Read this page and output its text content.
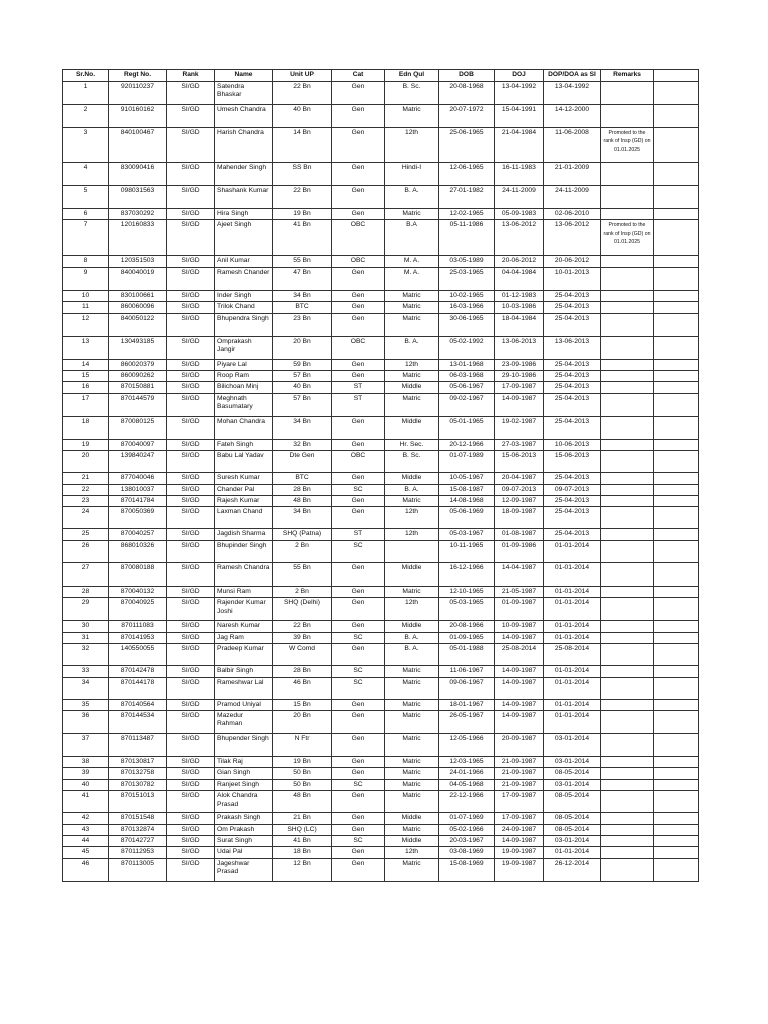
Sr.No.	Regt No.	Rank	Name	Unit UP	Cat	Edn Qul	DOB	DOJ	DOP/DOA as SI	Remarks	
1	920110237	SI/GD	Satendra Bhaskar	22 Bn	Gen	B. Sc.	20-08-1968	13-04-1992	13-04-1992		
2	910160162	SI/GD	Umesh Chandra	40 Bn	Gen	Matric	20-07-1972	15-04-1991	14-12-2000		
3	840100467	SI/GD	Harish Chandra	14 Bn	Gen	12th	25-06-1965	21-04-1984	11-06-2008	Promoted to the rank of Insp (GD) on 01.01.2025	
4	830090416	SI/GD	Mahender Singh	SS Bn	Gen	Hindi-I	12-06-1965	16-11-1983	21-01-2009		
5	098031563	SI/GD	Shashank Kumar	22 Bn	Gen	B. A.	27-01-1982	24-11-2009	24-11-2009		
6	837030292	SI/GD	Hira Singh	19 Bn	Gen	Matric	12-02-1965	05-09-1983	02-06-2010		
7	120160833	SI/GD	Ajeet Singh	41 Bn	OBC	B.A	05-11-1986	13-06-2012	13-06-2012	Promoted to the rank of Insp (GD) on 01.01.2025	
8	120351503	SI/GD	Anil Kumar	55 Bn	OBC	M. A.	03-05-1989	20-06-2012	20-06-2012		
9	840040019	SI/GD	Ramesh Chander	47 Bn	Gen	M. A.	25-03-1965	04-04-1984	10-01-2013		
10	830100661	SI/GD	Inder Singh	34 Bn	Gen	Matric	10-02-1965	01-12-1983	25-04-2013		
11	860060096	SI/GD	Trilok Chand	BTC	Gen	Matric	16-03-1966	10-03-1986	25-04-2013		
12	840050122	SI/GD	Bhupendra Singh	23 Bn	Gen	Matric	30-06-1965	18-04-1984	25-04-2013		
13	130493185	SI/GD	Omprakash Jangir	20 Bn	OBC	B. A.	05-02-1992	13-06-2013	13-06-2013		
14	860020379	SI/GD	Piyare Lal	59 Bn	Gen	12th	13-01-1968	23-09-1986	25-04-2013		
15	860090262	SI/GD	Roop Ram	57 Bn	Gen	Matric	06-03-1968	29-10-1986	25-04-2013		
16	870150881	SI/GD	Bilichoan Minj	40 Bn	ST	Middle	05-06-1967	17-09-1987	25-04-2013		
17	870144579	SI/GD	Meghnath Basumatary	57 Bn	ST	Matric	09-02-1967	14-09-1987	25-04-2013		
18	870080125	SI/GD	Mohan Chandra	34 Bn	Gen	Middle	05-01-1965	19-02-1987	25-04-2013		
19	870040097	SI/GD	Fateh Singh	32 Bn	Gen	Hr. Sec.	20-12-1966	27-03-1987	10-06-2013		
20	139840247	SI/GD	Babu Lal Yadav	Dte Gen	OBC	B. Sc.	01-07-1989	15-06-2013	15-06-2013		
21	877040046	SI/GD	Suresh Kumar	BTC	Gen	Middle	10-05-1967	20-04-1987	25-04-2013		
22	138010037	SI/GD	Chander Pal	28 Bn	SC	B. A.	15-08-1987	09-07-2013	09-07-2013		
23	870141784	SI/GD	Rajesh Kumar	48 Bn	Gen	Matric	14-08-1968	12-09-1987	25-04-2013		
24	870050369	SI/GD	Laxman Chand	34 Bn	Gen	12th	05-06-1969	18-09-1987	25-04-2013		
25	870040257	SI/GD	Jagdish Sharma	SHQ (Patna)	ST	12th	05-03-1967	01-08-1987	25-04-2013		
26	868010326	SI/GD	Bhupinder Singh	2 Bn	SC		10-11-1965	01-09-1986	01-01-2014		
27	870080188	SI/GD	Ramesh Chandra	55 Bn	Gen	Middle	16-12-1966	14-04-1987	01-01-2014		
28	870040132	SI/GD	Munsi Ram	2 Bn	Gen	Matric	12-10-1965	21-05-1987	01-01-2014		
29	870040925	SI/GD	Rajender Kumar Joshi	SHQ (Delhi)	Gen	12th	05-03-1965	01-09-1987	01-01-2014		
30	870111083	SI/GD	Naresh Kumar	22 Bn	Gen	Middle	20-08-1966	10-09-1987	01-01-2014		
31	870141953	SI/GD	Jag Ram	39 Bn	SC	B. A.	01-09-1965	14-09-1987	01-01-2014		
32	140550055	SI/GD	Pradeep Kumar	W Comd	Gen	B. A.	05-01-1988	25-08-2014	25-08-2014		
33	870142478	SI/GD	Balbir Singh	28 Bn	SC	Matric	11-06-1967	14-09-1987	01-01-2014		
34	870144178	SI/GD	Rameshwar Lal	46 Bn	SC	Matric	09-06-1967	14-09-1987	01-01-2014		
35	870140564	SI/GD	Pramod Uniyal	15 Bn	Gen	Matric	18-01-1967	14-09-1987	01-01-2014		
36	870144534	SI/GD	Mazedur Rahman	20 Bn	Gen	Matric	26-05-1967	14-09-1987	01-01-2014		
37	870113487	SI/GD	Bhupender Singh	N Ftr	Gen	Matric	12-05-1966	20-09-1987	03-01-2014		
38	870130817	SI/GD	Tilak Raj	19 Bn	Gen	Matric	12-03-1965	21-09-1987	03-01-2014		
39	870132758	SI/GD	Gian Singh	50 Bn	Gen	Matric	24-01-1966	21-09-1987	08-05-2014		
40	870130782	SI/GD	Ranjeet Singh	50 Bn	SC	Matric	04-05-1968	21-09-1987	03-01-2014		
41	870151013	SI/GD	Alok Chandra Prasad	48 Bn	Gen	Matric	22-12-1966	17-09-1987	08-05-2014		
42	870151548	SI/GD	Prakash Singh	21 Bn	Gen	Middle	01-07-1969	17-09-1987	08-05-2014		
43	870132874	SI/GD	Om Prakash	SHQ (LC)	Gen	Matric	05-02-1966	24-09-1987	08-05-2014		
44	870142727	SI/GD	Surat Singh	41 Bn	SC	Middle	20-03-1967	14-09-1987	03-01-2014		
45	870112953	SI/GD	Udai Pal	18 Bn	Gen	12th	03-08-1969	19-09-1987	01-01-2014		
46	870113005	SI/GD	Jageshwar Prasad	12 Bn	Gen	Matric	15-08-1969	19-09-1987	26-12-2014		
